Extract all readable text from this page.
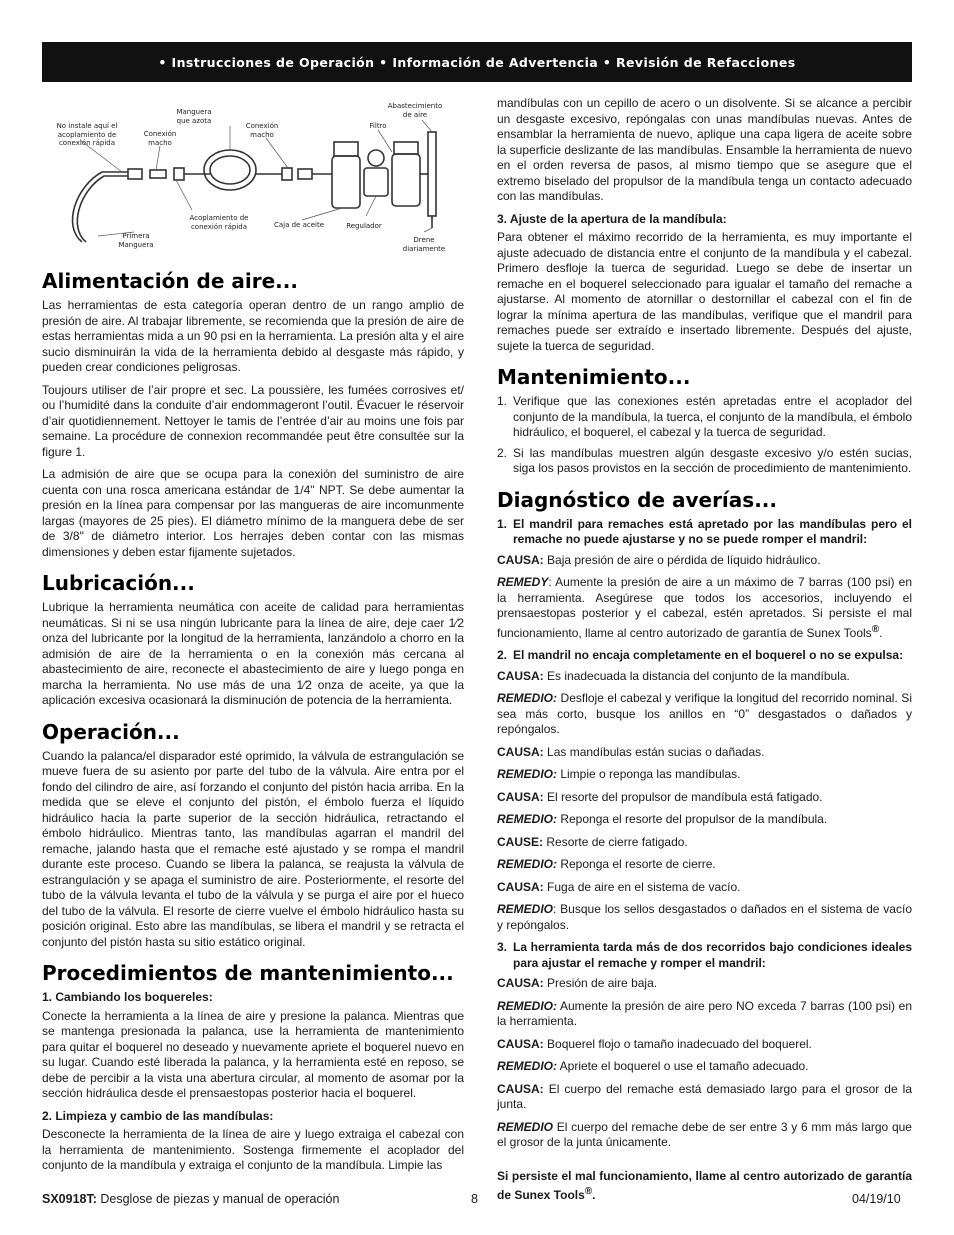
• Instrucciones de Operación • Información de Advertencia • Revisión de Refacciones
No instale aquí el
acoplamiento de
conexión rápida
Conexión
macho
Manguera
que azota
Conexión
macho
Filtro
Abastecimiento
de aire
Primera
Manguera
Acoplamiento de
conexión rápida	Caja de aceite	Regulador
Drene
diariamente
Alimentación de aire...

Las herramientas de esta categoría operan dentro de un rango amplio de presión de aire. Al trabajar libremente, se recomienda que la presión de aire de estas herramientas mida a un 90 psi en la herramienta. La presión alta y el aire sucio disminuirán la vida de la herramienta debido al desgaste más rápido, y pueden crear condiciones peligrosas.

Toujours utiliser de l’air propre et sec. La poussière, les fumées corrosives et/ ou l’humidité dans la conduite d’air endommageront l’outil. Évacuer le réservoir d’air quotidiennement. Nettoyer le tamis de l’entrée d’air au moins une fois par semaine. La procédure de connexion recommandée peut être consultée sur la figure 1.

La admisión de aire que se ocupa para la conexión del suministro de aire cuenta con una rosca americana estándar de 1/4" NPT. Se debe aumentar la presión en la línea para compensar por las mangueras de aire incomunmente largas (mayores de 25 pies). El diámetro mínimo de la manguera debe de ser de 3/8" de diámetro interior. Los herrajes deben contar con las mismas dimensiones y deben estar fijamente sujetados.

Lubricación...

Lubrique la herramienta neumática con aceite de calidad para herramientas neumáticas. Si ni se usa ningún lubricante para la línea de aire, deje caer 1⁄2 onza del lubricante por la longitud de la herramienta, lanzándolo a chorro en la admisión de aire de la herramienta o en la conexión más cercana al abastecimiento de aire, reconecte el abastecimiento de aire y luego ponga en marcha la herramienta. No use más de una 1⁄2 onza de aceite, ya que la aplicación excesiva ocasionará la disminución de potencia de la herramienta.

Operación...

Cuando la palanca/el disparador esté oprimido, la válvula de estrangulación se mueve fuera de su asiento por parte del tubo de la válvula. Aire entra por el fondo del cilindro de aire, así forzando el conjunto del pistón hacia arriba. En la medida que se eleve el conjunto del pistón, el émbolo fuerza el líquido hidráulico hacia la parte superior de la sección hidráulica, retractando el émbolo hidráulico. Mientras tanto, las mandíbulas agarran el mandril del remache, jalando hasta que el remache esté ajustado y se rompa el mandril durante este proceso. Cuando se libera la palanca, se reajusta la válvula de estrangulación y se apaga el suministro de aire. Posteriormente, el resorte del tubo de la válvula levanta el tubo de la válvula y se purga el aire por el hueco del tubo de la válvula. El resorte de cierre vuelve el émbolo hidráulico hasta su posición original. Esto abre las mandíbulas, se libera el mandril y se retracta el conjunto del pistón hasta su sitio estático original.

Procedimientos de mantenimiento...
1. Cambiando los boquereles:

Conecte la herramienta a la línea de aire y presione la palanca. Mientras que se mantenga presionada la palanca, use la herramienta de mantenimiento para quitar el boquerel no deseado y nuevamente apriete el boquerel nuevo en su lugar. Cuando esté liberada la palanca, y la herramienta esté en reposo, se debe de percibir a la vista una abertura circular, al momento de asomar por la sección hidráulica desde el prensaestopas posterior hacia el boquerel.

2. Limpieza y cambio de las mandíbulas:

Desconecte la herramienta de la línea de aire y luego extraiga el cabezal con la herramienta de mantenimiento. Sostenga firmemente el acoplador del conjunto de la mandíbula y extraiga el conjunto de la mandíbula. Limpie las

mandíbulas con un cepillo de acero o un disolvente. Si se alcance a percibir un desgaste excesivo, repóngalas con unas mandíbulas nuevas. Antes de ensamblar la herramienta de nuevo, aplique una capa ligera de aceite sobre la superficie deslizante de las mandíbulas. Ensamble la herramienta de nuevo en el orden reversa de pasos, al mismo tiempo que se asegure que el extremo biselado del propulsor de la mandíbula tenga un contacto adecuado con las mandíbulas.

3. Ajuste de la apertura de la mandíbula:

Para obtener el máximo recorrido de la herramienta, es muy importante el ajuste adecuado de distancia entre el conjunto de la mandíbula y el cabezal. Primero desfloje la tuerca de seguridad. Luego se debe de insertar un remache en el boquerel seleccionado para igualar el tamaño del remache a ajustarse. Al momento de atornillar o destornillar el cabezal con el fin de lograr la mínima apertura de las mandíbulas, verifique que el mandril para remaches puede ser extraído e insertado libremente. Después del ajuste, sujete la tuerca de seguridad.

Mantenimiento...
1. Verifique que las conexiones estén apretadas entre el acoplador del conjunto de la mandíbula, la tuerca, el conjunto de la mandíbula, el émbolo hidráulico, el boquerel, el cabezal y la tuerca de seguridad.
2. Si las mandíbulas muestren algún desgaste excesivo y/o estén sucias, siga los pasos provistos en la sección de procedimiento de mantenimiento.
Diagnóstico de averías...
1. El mandril para remaches está apretado por las mandíbulas pero el remache no puede ajustarse y no se puede romper el mandril:

CAUSA: Baja presión de aire o pérdida de líquido hidráulico.

REMEDY: Aumente la presión de aire a un máximo de 7 barras (100 psi) en la herramienta. Asegúrese que todos los accesorios, incluyendo el prensaestopas posterior y el cabezal, estén apretados. Si persiste el mal funcionamiento, llame al centro autorizado de garantía de Sunex Tools®.

2. El mandril no encaja completamente en el boquerel o no se expulsa:

CAUSA: Es inadecuada la distancia del conjunto de la mandíbula.

REMEDIO: Desfloje el cabezal y verifique la longitud del recorrido nominal. Si sea más corto, busque los anillos en “0” desgastados o dañados y repóngalos.

CAUSA: Las mandíbulas están sucias o dañadas.

REMEDIO: Limpie o reponga las mandíbulas.

CAUSA: El resorte del propulsor de mandíbula está fatigado.

REMEDIO: Reponga el resorte del propulsor de la mandíbula.

CAUSE: Resorte de cierre fatigado.

REMEDIO: Reponga el resorte de cierre.

CAUSA: Fuga de aire en el sistema de vacío.

REMEDIO: Busque los sellos desgastados o dañados en el sistema de vacío y repóngalos.

3. La herramienta tarda más de dos recorridos bajo condiciones ideales para ajustar el remache y romper el mandril:

CAUSA: Presión de aire baja.

REMEDIO: Aumente la presión de aire pero NO exceda 7 barras (100 psi) en la herramienta.

CAUSA: Boquerel flojo o tamaño inadecuado del boquerel.

REMEDIO: Apriete el boquerel o use el tamaño adecuado.

CAUSA: El cuerpo del remache está demasiado largo para el grosor de la junta.

REMEDIO El cuerpo del remache debe de ser entre 3 y 6 mm más largo que el grosor de la junta únicamente.

Si persiste el mal funcionamiento, llame al centro autorizado de garantía de Sunex Tools®.

SX0918T: Desglose de piezas y manual de operación	8	04/19/10
